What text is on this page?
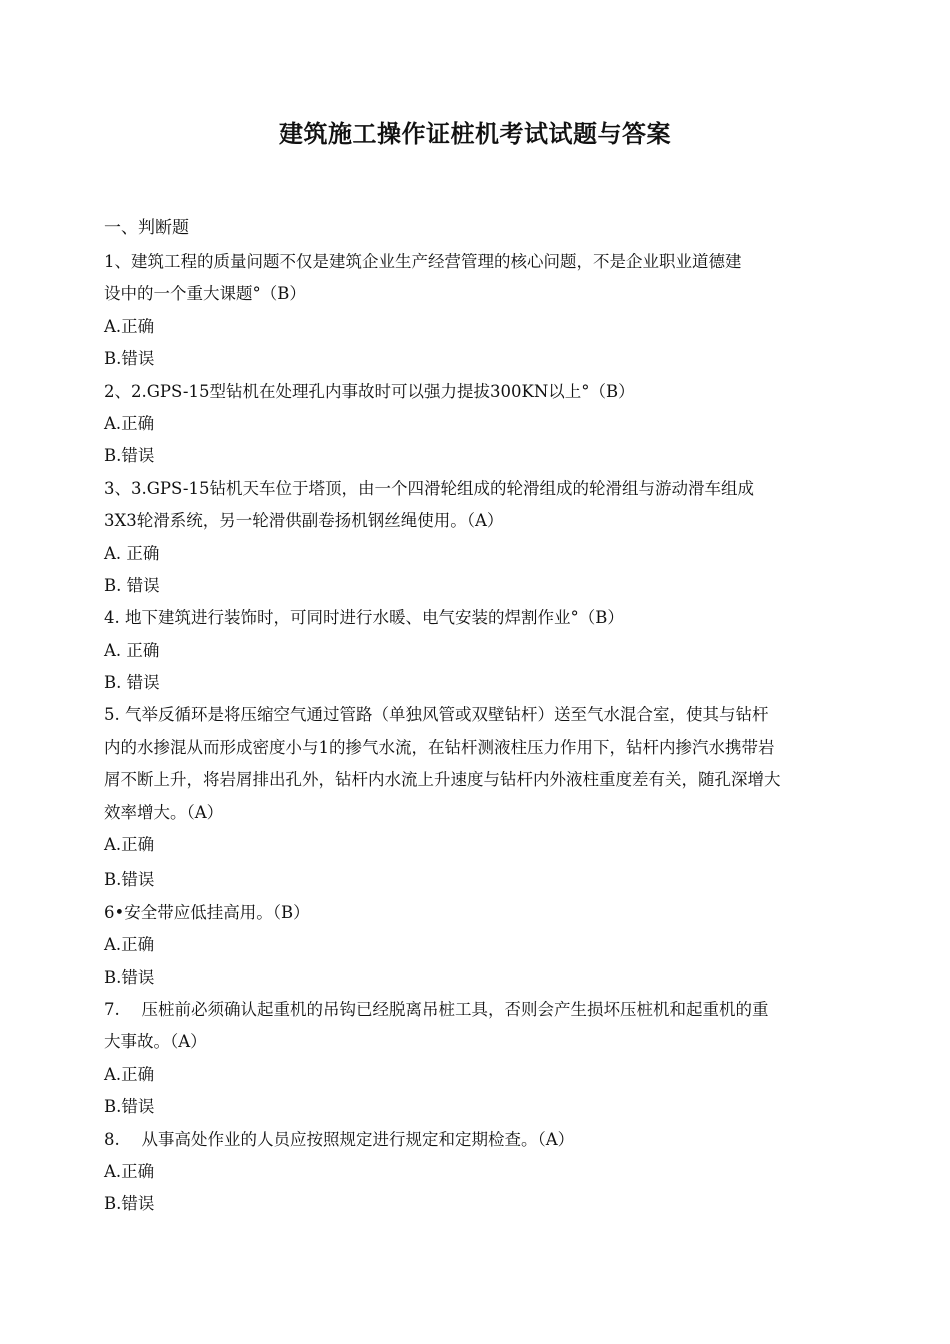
建筑施工操作证桩机考试试题与答案
一、判断题
1、建筑工程的质量问题不仅是建筑企业生产经营管理的核心问题，不是企业职业道德建
设中的一个重大课题°（B）
A.正确
B.错误
2、2.GPS-15型钻机在处理孔内事故时可以强力提拔300KN以上°（B）
A.正确
B.错误
3、3.GPS-15钻机天车位于塔顶，由一个四滑轮组成的轮滑组成的轮滑组与游动滑车组成
3X3轮滑系统，另一轮滑供副卷扬机钢丝绳使用。（A）
A. 正确
B. 错误
4. 地下建筑进行装饰时，可同时进行水暖、电气安装的焊割作业°（B）
A. 正确
B. 错误
5. 气举反循环是将压缩空气通过管路（单独风管或双壁钻杆）送至气水混合室，使其与钻杆
内的水掺混从而形成密度小与1的掺气水流，在钻杆测液柱压力作用下，钻杆内掺汽水携带岩
屑不断上升，将岩屑排出孔外，钻杆内水流上升速度与钻杆内外液柱重度差有关，随孔深增大
效率增大。（A）
A.正确
B.错误
6•安全带应低挂高用。（B）
A.正确
B.错误
7.　 压桩前必须确认起重机的吊钩已经脱离吊桩工具，否则会产生损坏压桩机和起重机的重
大事故。（A）
A.正确
B.错误
8.　 从事高处作业的人员应按照规定进行规定和定期检查。（A）
A.正确
B.错误
